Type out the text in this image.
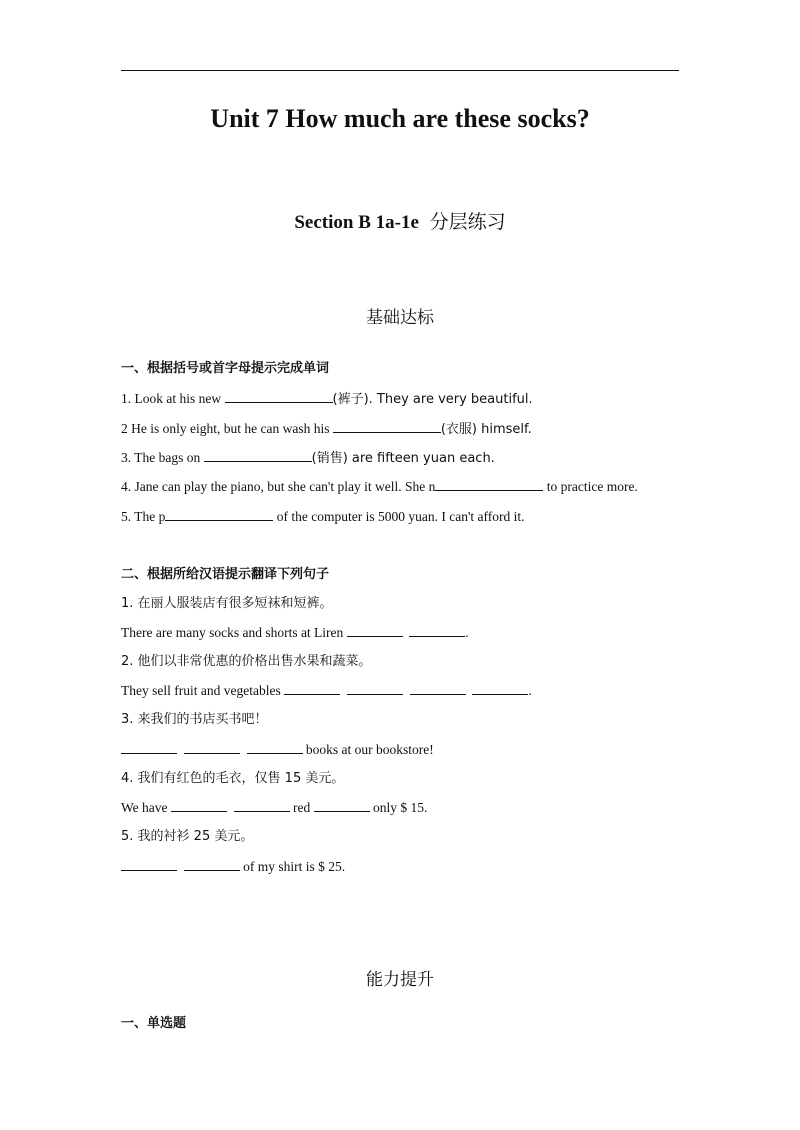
Unit 7 How much are these socks?
Section B 1a-1e 分层练习
基础达标
一、根据括号或首字母提示完成单词
1. Look at his new	(裤子). They are very beautiful.
2 He is only eight, but he can wash his	(衣服) himself.
3. The bags on	(销售) are fifteen yuan each.
4. Jane can play the piano, but she can't play it well. She n	to practice more.
5. The p	of the computer is 5000 yuan. I can't afford it.
二、根据所给汉语提示翻译下列句子
1. 在丽人服装店有很多短袜和短裤。
There are many socks and shorts at Liren	.
2. 他们以非常优惠的价格出售水果和蔬菜。
They sell fruit and vegetables	.
3. 来我们的书店买书吧！
books at our bookstore!
4. 我们有红色的毛衣，仅售 15 美元。
We have	red	only $ 15.
5. 我的衬衫 25 美元。
of my shirt is $ 25.
能力提升
一、单选题
